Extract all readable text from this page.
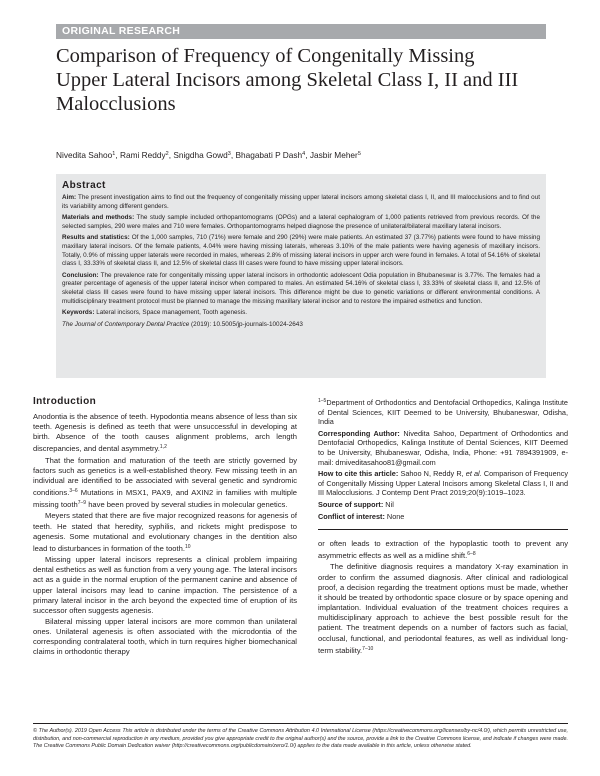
ORIGINAL RESEARCH
Comparison of Frequency of Congenitally Missing
Upper Lateral Incisors among Skeletal Class I, II and III
Malocclusions
Nivedita Sahoo$^1$, Rami Reddy$^2$, Snigdha Gowd$^3$, Bhagabati P Dash$^4$, Jasbir Meher$^5$
Abstract

Aim: The present investigation aims to find out the frequency of congenitally missing upper lateral incisors among skeletal class I, II, and III malocclusions and to find out its variability among different genders.

Materials and methods: The study sample included orthopantomograms (OPGs) and a lateral cephalogram of 1,000 patients retrieved from previous records. Of the selected samples, 290 were males and 710 were females. Orthopantomograms helped diagnose the presence of unilateral/bilateral maxillary lateral incisors.

Results and statistics: Of the 1,000 samples, 710 (71%) were female and 290 (29%) were male patients. An estimated 37 (3.77%) patients were found to have missing maxillary lateral incisors. Of the female patients, 4.04% were having missing laterals, whereas 3.10% of the male patients were having agenesis of maxillary incisors. Totally, 0.9% of missing upper laterals were recorded in males, whereas 2.8% of missing lateral incisors in upper arch were found in females. A total of 54.16% of skeletal class I, 33.33% of skeletal class II, and 12.5% of skeletal class III cases were found to have missing upper lateral incisors.

Conclusion: The prevalence rate for congenitally missing upper lateral incisors in orthodontic adolescent Odia population in Bhubaneswar is 3.77%. The females had a greater percentage of agenesis of the upper lateral incisor when compared to males. An estimated 54.16% of skeletal class I, 33.33% of skeletal class II, and 12.5% of skeletal class III cases were found to have missing upper lateral incisors. This difference might be due to genetic variations or different environmental conditions. A multidisciplinary treatment protocol must be planned to manage the missing maxillary lateral incisor and to restore the impaired esthetics and function.

Keywords: Lateral incisors, Space management, Tooth agenesis.

The Journal of Contemporary Dental Practice (2019): 10.5005/jp-journals-10024-2643

Introduction

Anodontia is the absence of teeth. Hypodontia means absence of less than six teeth. Agenesis is defined as teeth that were unsuccessful in developing at birth. Absence of the tooth causes alignment problems, arch length discrepancies, and dental asymmetry.$^{1,2}$

That the formation and maturation of the teeth are strictly governed by factors such as genetics is a well-established theory. Few missing teeth in an individual are identified to be associated with several genetic and syndromic conditions.$^{3-6}$ Mutations in MSX1, PAX9, and AXIN2 in families with multiple missing tooth$^{7-9}$ have been proved by several studies in molecular genetics.

Meyers stated that there are five major recognized reasons for agenesis of teeth. He stated that heredity, syphilis, and rickets might predispose to agenesis. Some mutational and evolutionary changes in the dentition also lead to disturbances in formation of the tooth.$^{10}$

Missing upper lateral incisors represents a clinical problem impairing dental esthetics as well as function from a very young age. The lateral incisors act as a guide in the normal eruption of the permanent canine and absence of upper lateral incisors may lead to canine impaction. The persistence of a primary lateral incisor in the arch beyond the expected time of eruption of its successor often suggests agenesis.

Bilateral missing upper lateral incisors are more common than unilateral ones. Unilateral agenesis is often associated with the microdontia of the corresponding contralateral tooth, which in turn requires higher biomechanical claims in orthodontic therapy

$^{1-5}$Department of Orthodontics and Dentofacial Orthopedics, Kalinga Institute of Dental Sciences, KIIT Deemed to be University, Bhubaneswar, Odisha, India

Corresponding Author: Nivedita Sahoo, Department of Orthodontics and Dentofacial Orthopedics, Kalinga Institute of Dental Sciences, KIIT Deemed to be University, Bhubaneswar, Odisha, India, Phone: +91 7894391909, e-mail: drniveditasahoo81@gmail.com

How to cite this article: Sahoo N, Reddy R, et al. Comparison of Frequency of Congenitally Missing Upper Lateral Incisors among Skeletal Class I, II and III Malocclusions. J Contemp Dent Pract 2019;20(9):1019–1023.

Source of support: Nil

Conflict of interest: None

or often leads to extraction of the hypoplastic tooth to prevent any asymmetric effects as well as a midline shift.$^{6-8}$

The definitive diagnosis requires a mandatory X-ray examination in order to confirm the assumed diagnosis. After clinical and radiological proof, a decision regarding the treatment options must be made, whether it should be treated by orthodontic space closure or by space opening and implantation. Individual evaluation of the treatment choices requires a multidisciplinary approach to achieve the best possible result for the patient. The treatment depends on a number of factors such as facial, occlusal, functional, and periodontal features, as well as individual long-term stability.$^{7-10}$

© The Author(s). 2019 Open Access This article is distributed under the terms of the Creative Commons Attribution 4.0 International License (https://creativecommons.org/licenses/by-nc/4.0/), which permits unrestricted use, distribution, and non-commercial reproduction in any medium, provided you give appropriate credit to the original author(s) and the source, provide a link to the Creative Commons license, and indicate if changes were made. The Creative Commons Public Domain Dedication waiver (http://creativecommons.org/publicdomain/zero/1.0/) applies to the data made available in this article, unless otherwise stated.
